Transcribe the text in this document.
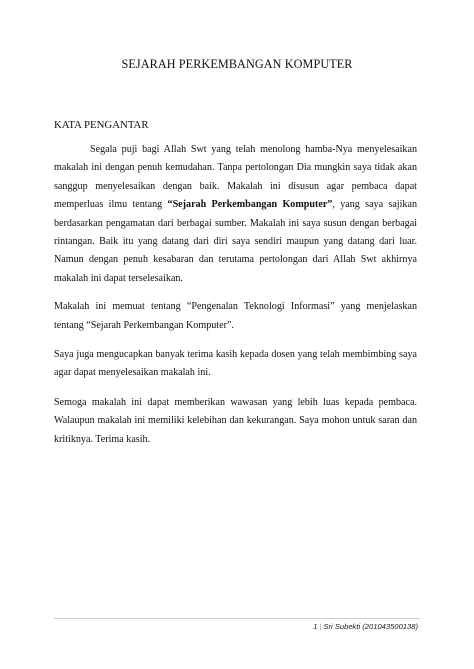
SEJARAH PERKEMBANGAN KOMPUTER
KATA PENGANTAR

Segala puji bagi Allah Swt yang telah menolong hamba-Nya menyelesaikan makalah ini dengan penuh kemudahan. Tanpa pertolongan Dia mungkin saya tidak akan sanggup menyelesaikan dengan baik. Makalah ini disusun agar pembaca dapat memperluas ilmu tentang “Sejarah Perkembangan Komputer”, yang saya sajikan berdasarkan pengamatan dari berbagai sumber. Makalah ini saya susun dengan berbagai rintangan. Baik itu yang datang dari diri saya sendiri maupun yang datang dari luar. Namun dengan penuh kesabaran dan terutama pertolongan dari Allah Swt akhirnya makalah ini dapat terselesaikan.

Makalah ini memuat tentang “Pengenalan Teknologi Informasi” yang menjelaskan tentang “Sejarah Perkembangan Komputer”.

Saya juga mengucapkan banyak terima kasih kepada dosen yang telah membimbing saya agar dapat menyelesaikan makalah ini.

Semoga makalah ini dapat memberikan wawasan yang lebih luas kepada pembaca. Walaupun makalah ini memiliki kelebihan dan kekurangan. Saya mohon untuk saran dan kritiknya. Terima kasih.

1 | Sri Subekti (201043500138)
